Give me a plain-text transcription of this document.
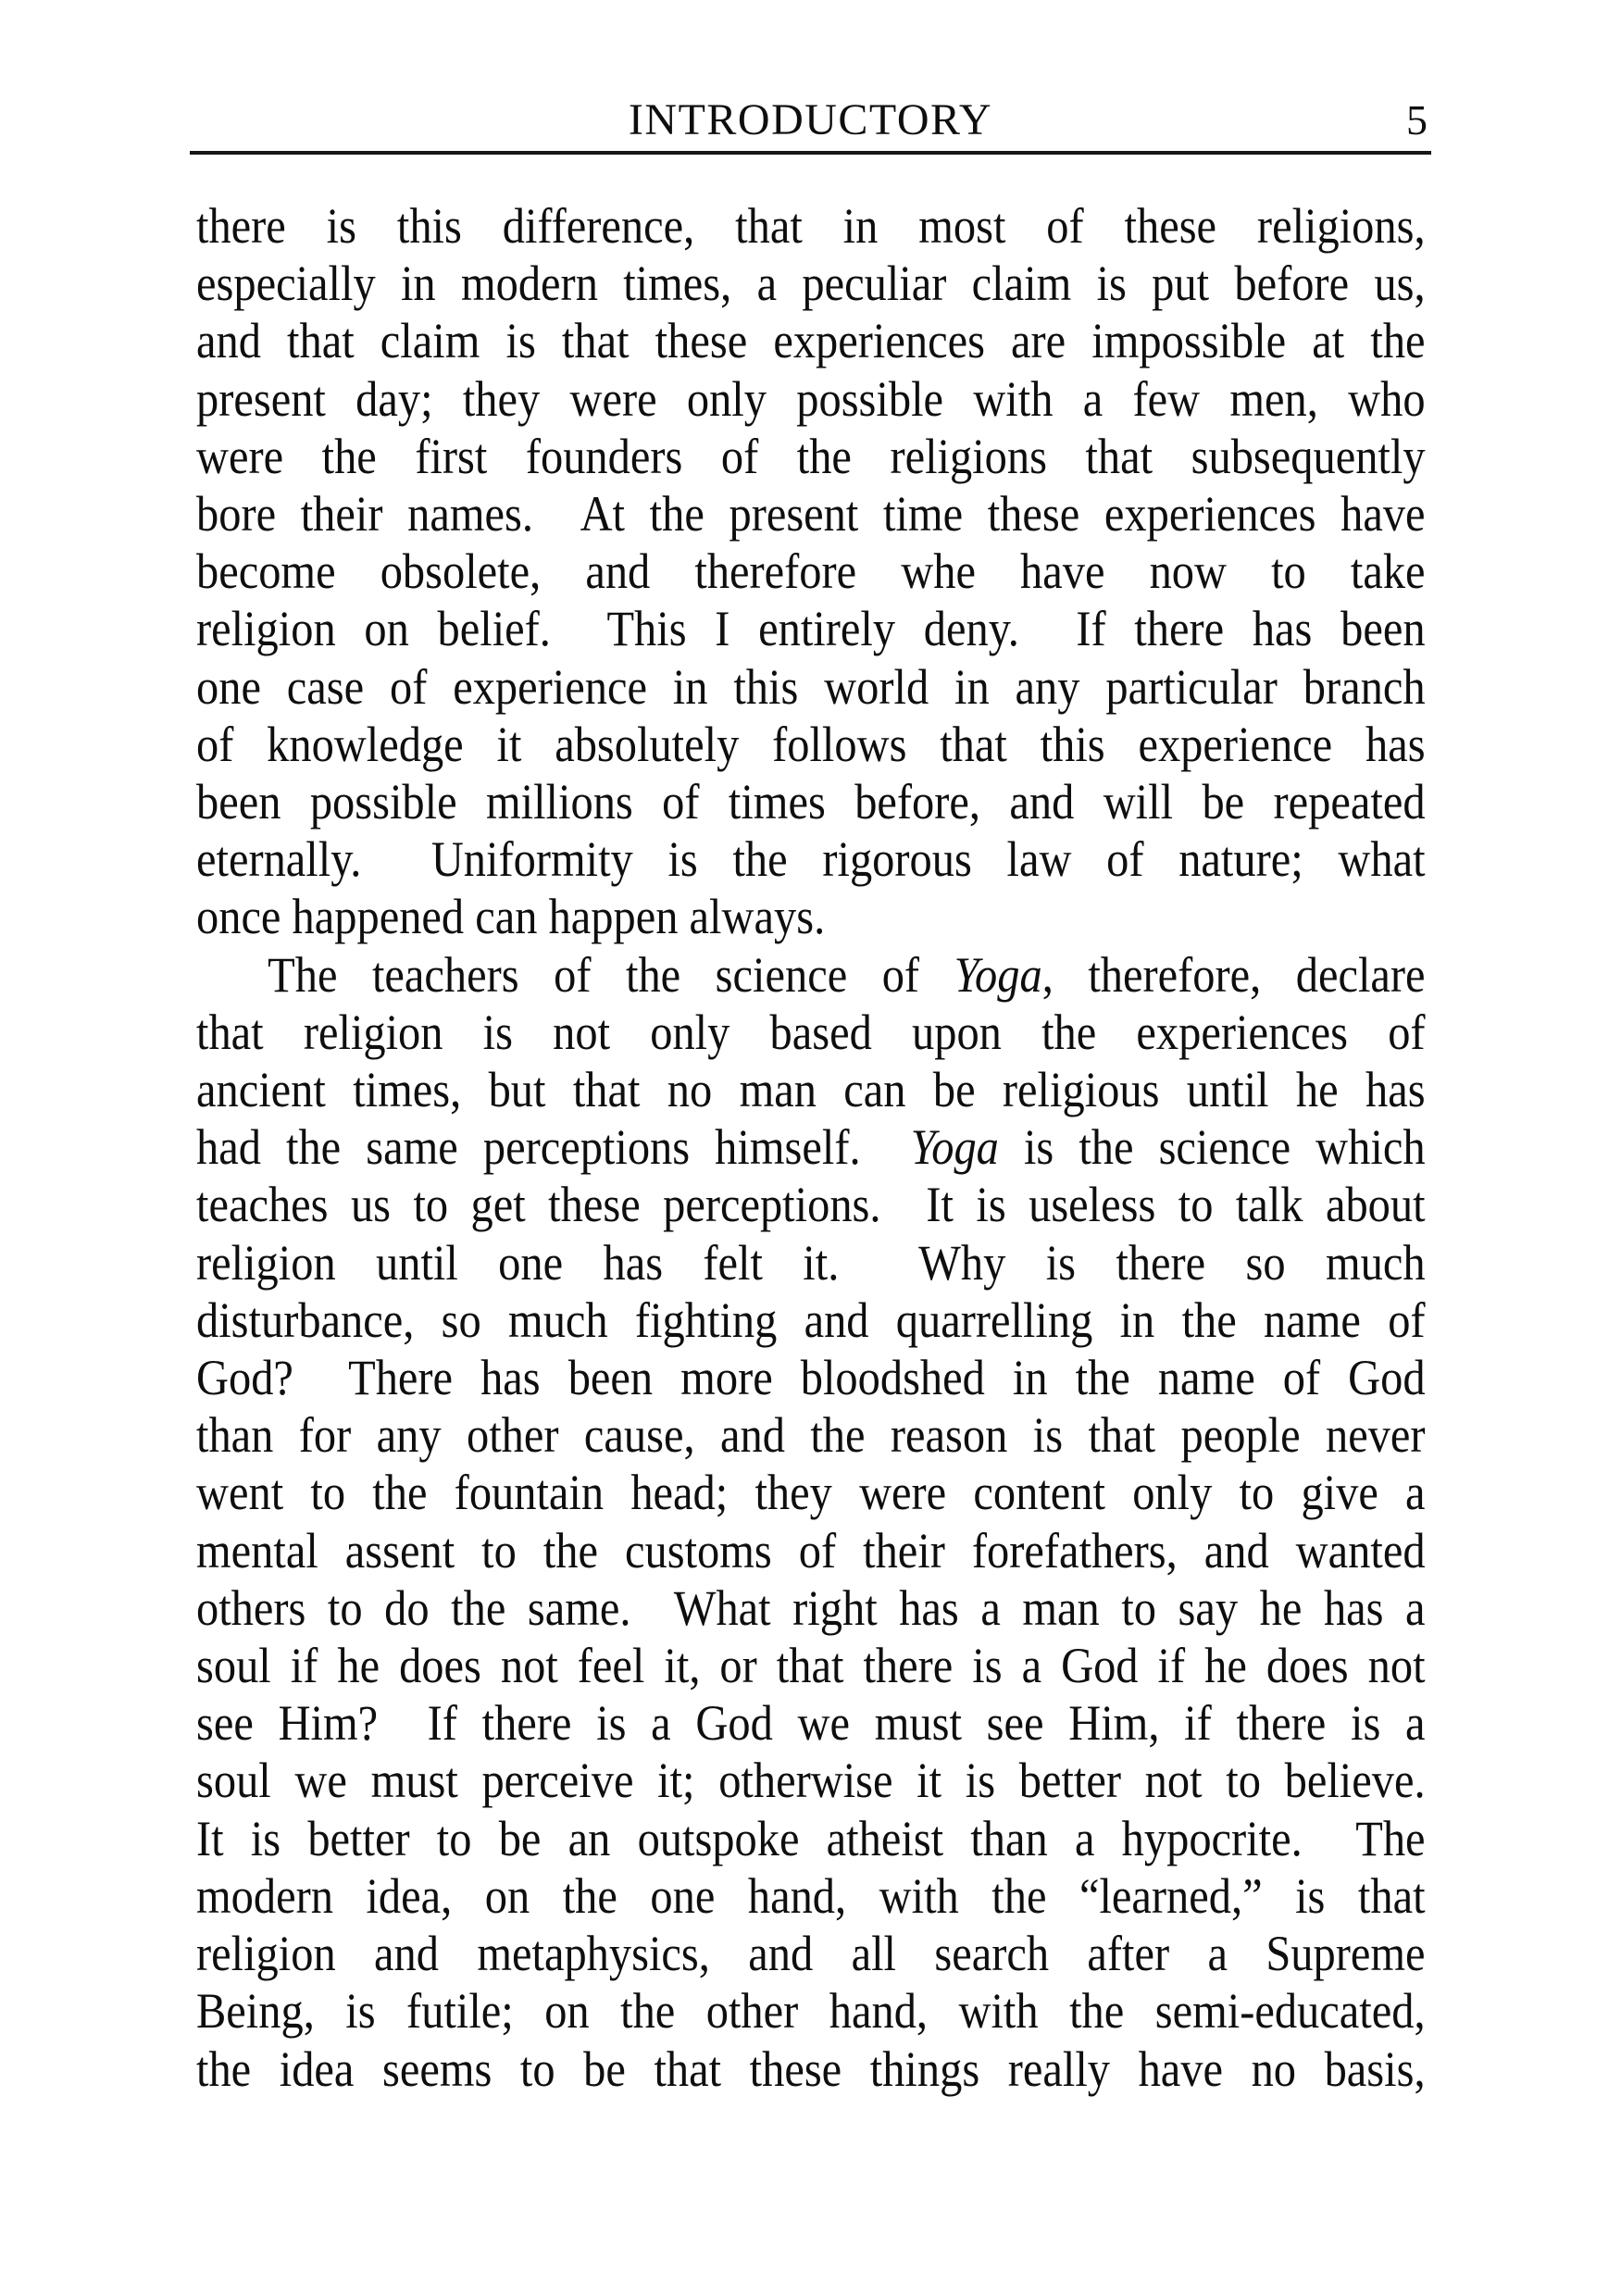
INTRODUCTORY	5

there is this difference, that in most of these religions,
especially in modern times, a peculiar claim is put before us,
and that claim is that these experiences are impossible at the
present day; they were only possible with a few men, who
were the first founders of the religions that subsequently
bore their names.  At the present time these experiences have
become obsolete, and therefore whe have now to take
religion on belief.  This I entirely deny.  If there has been
one case of experience in this world in any particular branch
of knowledge it absolutely follows that this experience has
been possible millions of times before, and will be repeated
eternally.  Uniformity is the rigorous law of nature; what
once happened can happen always.

The teachers of the science of Yoga, therefore, declare
that religion is not only based upon the experiences of
ancient times, but that no man can be religious until he has
had the same perceptions himself.  Yoga is the science which
teaches us to get these perceptions.  It is useless to talk about
religion until one has felt it.  Why is there so much
disturbance, so much fighting and quarrelling in the name of
God?  There has been more bloodshed in the name of God
than for any other cause, and the reason is that people never
went to the fountain head; they were content only to give a
mental assent to the customs of their forefathers, and wanted
others to do the same.  What right has a man to say he has a
soul if he does not feel it, or that there is a God if he does not
see Him?  If there is a God we must see Him, if there is a
soul we must perceive it; otherwise it is better not to believe.
It is better to be an outspoke atheist than a hypocrite.  The
modern idea, on the one hand, with the “learned,” is that
religion and metaphysics, and all search after a Supreme
Being, is futile; on the other hand, with the semi-educated,
the idea seems to be that these things really have no basis,
